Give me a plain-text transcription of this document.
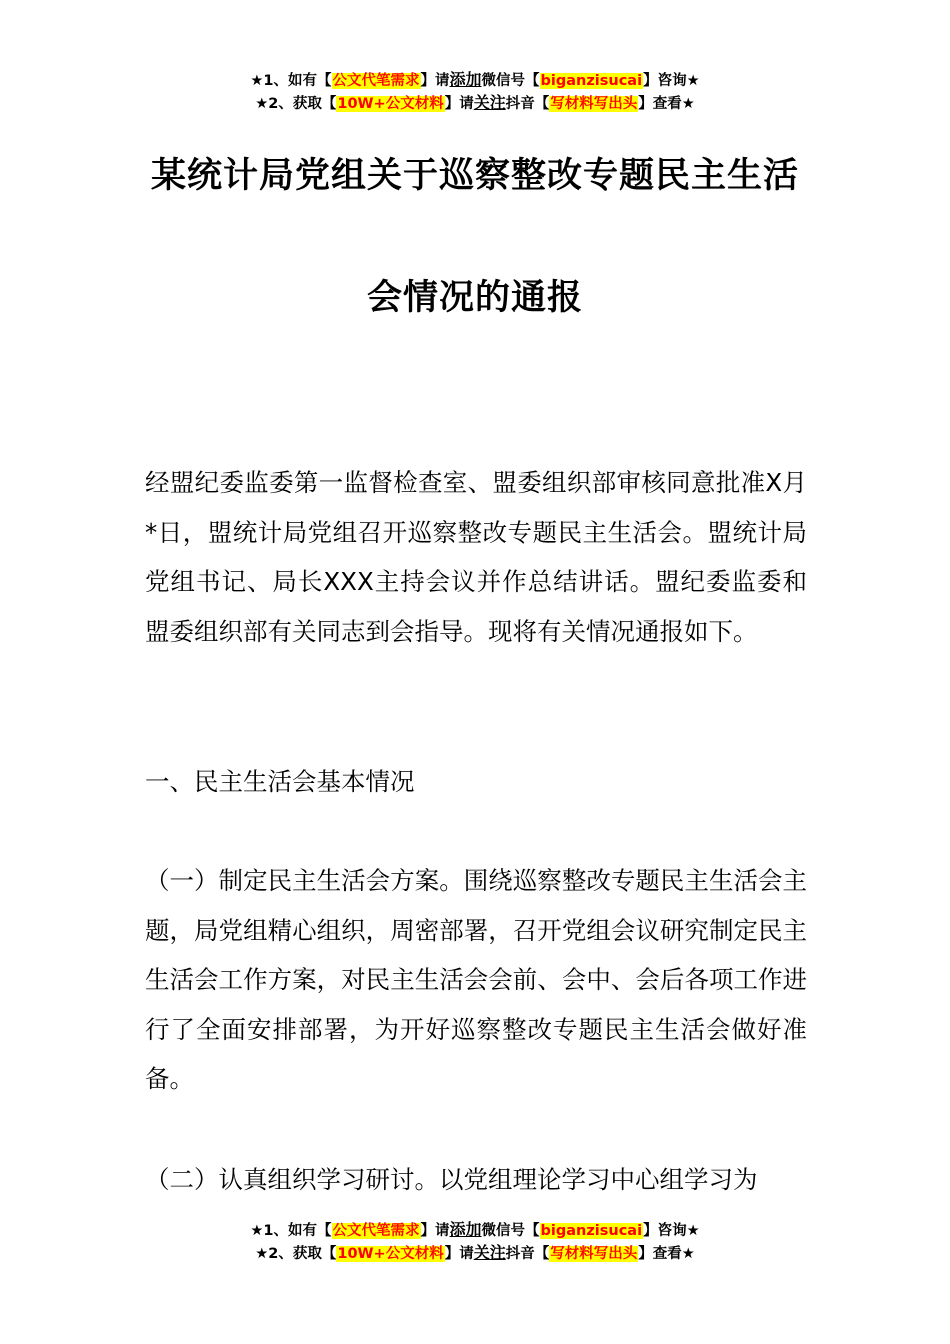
★1、如有【公文代笔需求】请添加微信号【biganzisucai】咨询★
★2、获取【10W+公文材料】请关注抖音【写材料写出头】查看★
某统计局党组关于巡察整改专题民主生活
会情况的通报
经盟纪委监委第一监督检查室、盟委组织部审核同意批准X月*日，盟统计局党组召开巡察整改专题民主生活会。盟统计局党组书记、局长XXX主持会议并作总结讲话。盟纪委监委和盟委组织部有关同志到会指导。现将有关情况通报如下。
一、民主生活会基本情况
（一）制定民主生活会方案。围绕巡察整改专题民主生活会主题，局党组精心组织，周密部署，召开党组会议研究制定民主生活会工作方案，对民主生活会会前、会中、会后各项工作进行了全面安排部署，为开好巡察整改专题民主生活会做好准备。
（二）认真组织学习研讨。以党组理论学习中心组学习为
★1、如有【公文代笔需求】请添加微信号【biganzisucai】咨询★
★2、获取【10W+公文材料】请关注抖音【写材料写出头】查看★
